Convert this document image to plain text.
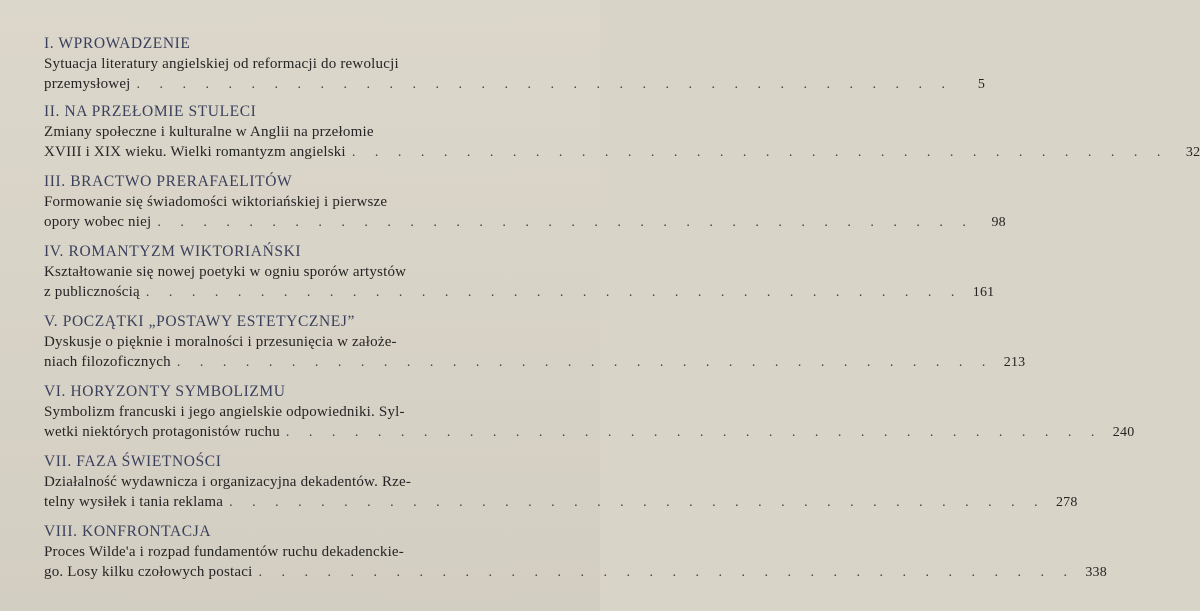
I. WPROWADZENIE
Sytuacja literatury angielskiej od reformacji do rewolucji
przemysłowej . . . . . . . . . . . . . . . . . . . . . . . . . . . . . . . . . . . .	5
II. NA PRZEŁOMIE STULECI
Zmiany społeczne i kulturalne w Anglii na przełomie
XVIII i XIX wieku. Wielki romantyzm angielski . . . . . . . . . . . . . . . . . . . . . . . . . . . . . . . . . . . .	32
III. BRACTWO PRERAFAELITÓW
Formowanie się świadomości wiktoriańskiej i pierwsze
opory wobec niej . . . . . . . . . . . . . . . . . . . . . . . . . . . . . . . . . . . .	98
IV. ROMANTYZM WIKTORIAŃSKI
Kształtowanie się nowej poetyki w ogniu sporów artystów
z publicznością . . . . . . . . . . . . . . . . . . . . . . . . . . . . . . . . . . . . 161
V. POCZĄTKI „POSTAWY ESTETYCZNEJ”
Dyskusje o pięknie i moralności i przesunięcia w założe-
niach filozoficznych . . . . . . . . . . . . . . . . . . . . . . . . . . . . . . . . . . . . 213
VI. HORYZONTY SYMBOLIZMU
Symbolizm francuski i jego angielskie odpowiedniki. Syl-
wetki niektórych protagonistów ruchu . . . . . . . . . . . . . . . . . . . . . . . . . . . . . . . . . . . . 240
VII. FAZA ŚWIETNOŚCI
Działalność wydawnicza i organizacyjna dekadentów. Rze-
telny wysiłek i tania reklama . . . . . . . . . . . . . . . . . . . . . . . . . . . . . . . . . . . . 278
VIII. KONFRONTACJA
Proces Wilde'a i rozpad fundamentów ruchu dekadenckie-
go. Losy kilku czołowych postaci . . . . . . . . . . . . . . . . . . . . . . . . . . . . . . . . . . . . 338
